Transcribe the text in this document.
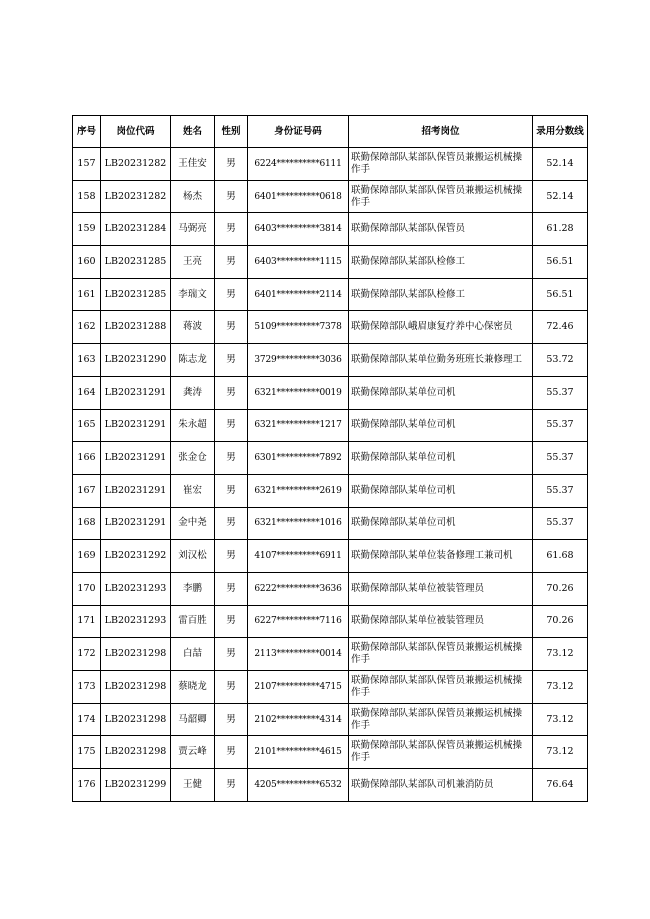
序号	岗位代码	姓名	性别	身份证号码	招考岗位	录用分数线
157	LB20231282	王佳安	男	6224**********6111	联勤保障部队某部队保管员兼搬运机械操作手	52.14
158	LB20231282	杨杰	男	6401**********0618	联勤保障部队某部队保管员兼搬运机械操作手	52.14
159	LB20231284	马弼亮	男	6403**********3814	联勤保障部队某部队保管员	61.28
160	LB20231285	王亮	男	6403**********1115	联勤保障部队某部队检修工	56.51
161	LB20231285	李瑞文	男	6401**********2114	联勤保障部队某部队检修工	56.51
162	LB20231288	蒋波	男	5109**********7378	联勤保障部队峨眉康复疗养中心保密员	72.46
163	LB20231290	陈志龙	男	3729**********3036	联勤保障部队某单位勤务班班长兼修理工	53.72
164	LB20231291	龚涛	男	6321**********0019	联勤保障部队某单位司机	55.37
165	LB20231291	朱永超	男	6321**********1217	联勤保障部队某单位司机	55.37
166	LB20231291	张金仓	男	6301**********7892	联勤保障部队某单位司机	55.37
167	LB20231291	崔宏	男	6321**********2619	联勤保障部队某单位司机	55.37
168	LB20231291	金中尧	男	6321**********1016	联勤保障部队某单位司机	55.37
169	LB20231292	刘汉松	男	4107**********6911	联勤保障部队某单位装备修理工兼司机	61.68
170	LB20231293	李鹏	男	6222**********3636	联勤保障部队某单位被装管理员	70.26
171	LB20231293	雷百胜	男	6227**********7116	联勤保障部队某单位被装管理员	70.26
172	LB20231298	白喆	男	2113**********0014	联勤保障部队某部队保管员兼搬运机械操作手	73.12
173	LB20231298	蔡晓龙	男	2107**********4715	联勤保障部队某部队保管员兼搬运机械操作手	73.12
174	LB20231298	马韶卿	男	2102**********4314	联勤保障部队某部队保管员兼搬运机械操作手	73.12
175	LB20231298	贾云峰	男	2101**********4615	联勤保障部队某部队保管员兼搬运机械操作手	73.12
176	LB20231299	王健	男	4205**********6532	联勤保障部队某部队司机兼消防员	76.64
